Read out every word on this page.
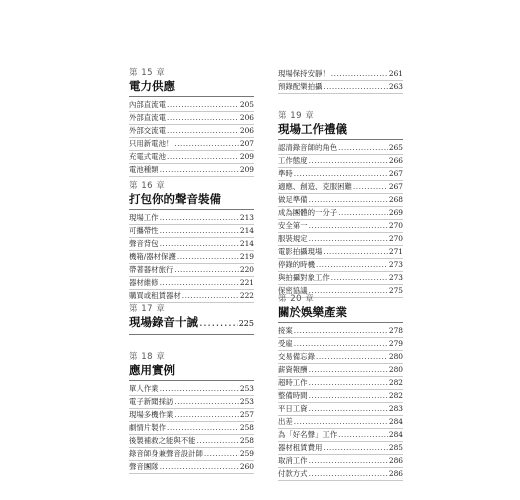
第 15 章
電力供應
內部直流電 .....	205
外部直流電 .....	206
外部交流電 .....	206
只用新電池！ .....	207
充電式電池 .....	209
電池種類 .....	209
第 16 章
打包你的聲音裝備
現場工作 .....	213
可攜帶性 .....	214
聲音背包 .....	214
機箱/器材保護 .....	219
帶著器材旅行 .....	220
器材維修 .....	221
購買或租賃器材 .....	222
第 17 章
現場錄音十誡 .....	225
第 18 章
應用實例
單人作業 .....	253
電子新聞採訪 .....	253
現場多機作業 .....	257
劇情片製作 .....	258
後製補救之能與不能 .....	258
錄音師身兼聲音設計師 .....	259
聲音團隊 .....	260
現場保持安靜！ .....	261
預錄配樂拍攝 .....	263
第 19 章
現場工作禮儀
認清錄音師的角色 .....	265
工作態度 .....	266
準時 .....	267
適應、創造、克服困難 .....	267
做足準備 .....	268
成為團體的一分子 .....	269
安全第一 .....	270
服裝規定 .....	270
電影拍攝現場 .....	271
停錄的時機 .....	273
與拍攝對象工作 .....	273
保密協議 .....	275
第 20 章
關於娛樂產業
接案 .....	278
受雇 .....	279
交易備忘錄 .....	280
薪資報酬 .....	280
超時工作 .....	282
整備時間 .....	282
平日工資 .....	283
出差 .....	284
為「好名聲」工作 .....	284
器材租賃費用 .....	285
取消工作 .....	286
付款方式 .....	286
